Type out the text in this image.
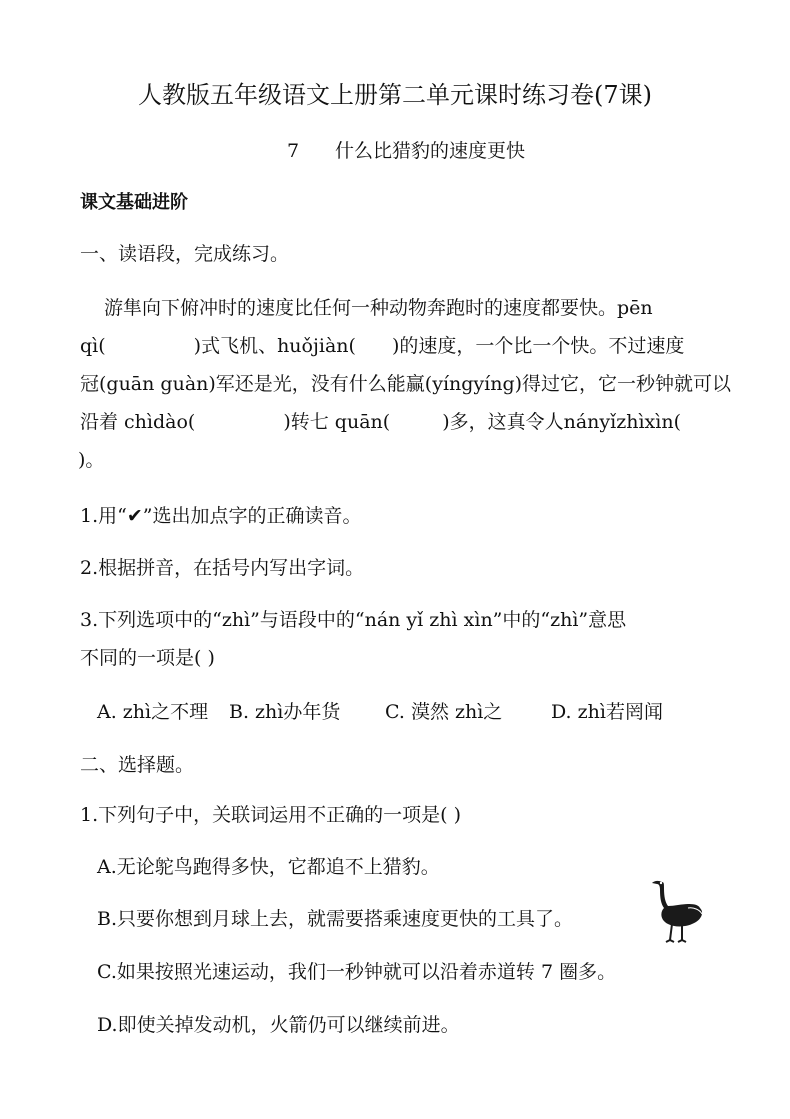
人教版五年级语文上册第二单元课时练习卷(7课)
7 什么比猎豹的速度更快
课文基础进阶
一、读语段，完成练习。
游隼向下俯冲时的速度比任何一种动物奔跑时的速度都要快。pēn
qì(	)式飞机、huǒjiàn( )的速度，一个比一个快。不过速度
冠(guān guàn)军还是光，没有什么能赢(yíngyíng)得过它，它一秒钟就可以
沿着 chìdào(	)转七 quān(	)多，这真令人nányǐzhìxìn(
)。
1.用“✔”选出加点字的正确读音。
2.根据拼音，在括号内写出字词。
3.下列选项中的“zhì”与语段中的“nán yǐ zhì xìn”中的“zhì”意思
不同的一项是( )
A. zhì之不理 B. zhì办年货 C. 漠然 zhì之	D. zhì若罔闻
二、选择题。
1.下列句子中，关联词运用不正确的一项是( )
A.无论鸵鸟跑得多快，它都追不上猎豹。
B.只要你想到月球上去，就需要搭乘速度更快的工具了。
C.如果按照光速运动，我们一秒钟就可以沿着赤道转 7 圈多。
D.即使关掉发动机，火箭仍可以继续前进。
